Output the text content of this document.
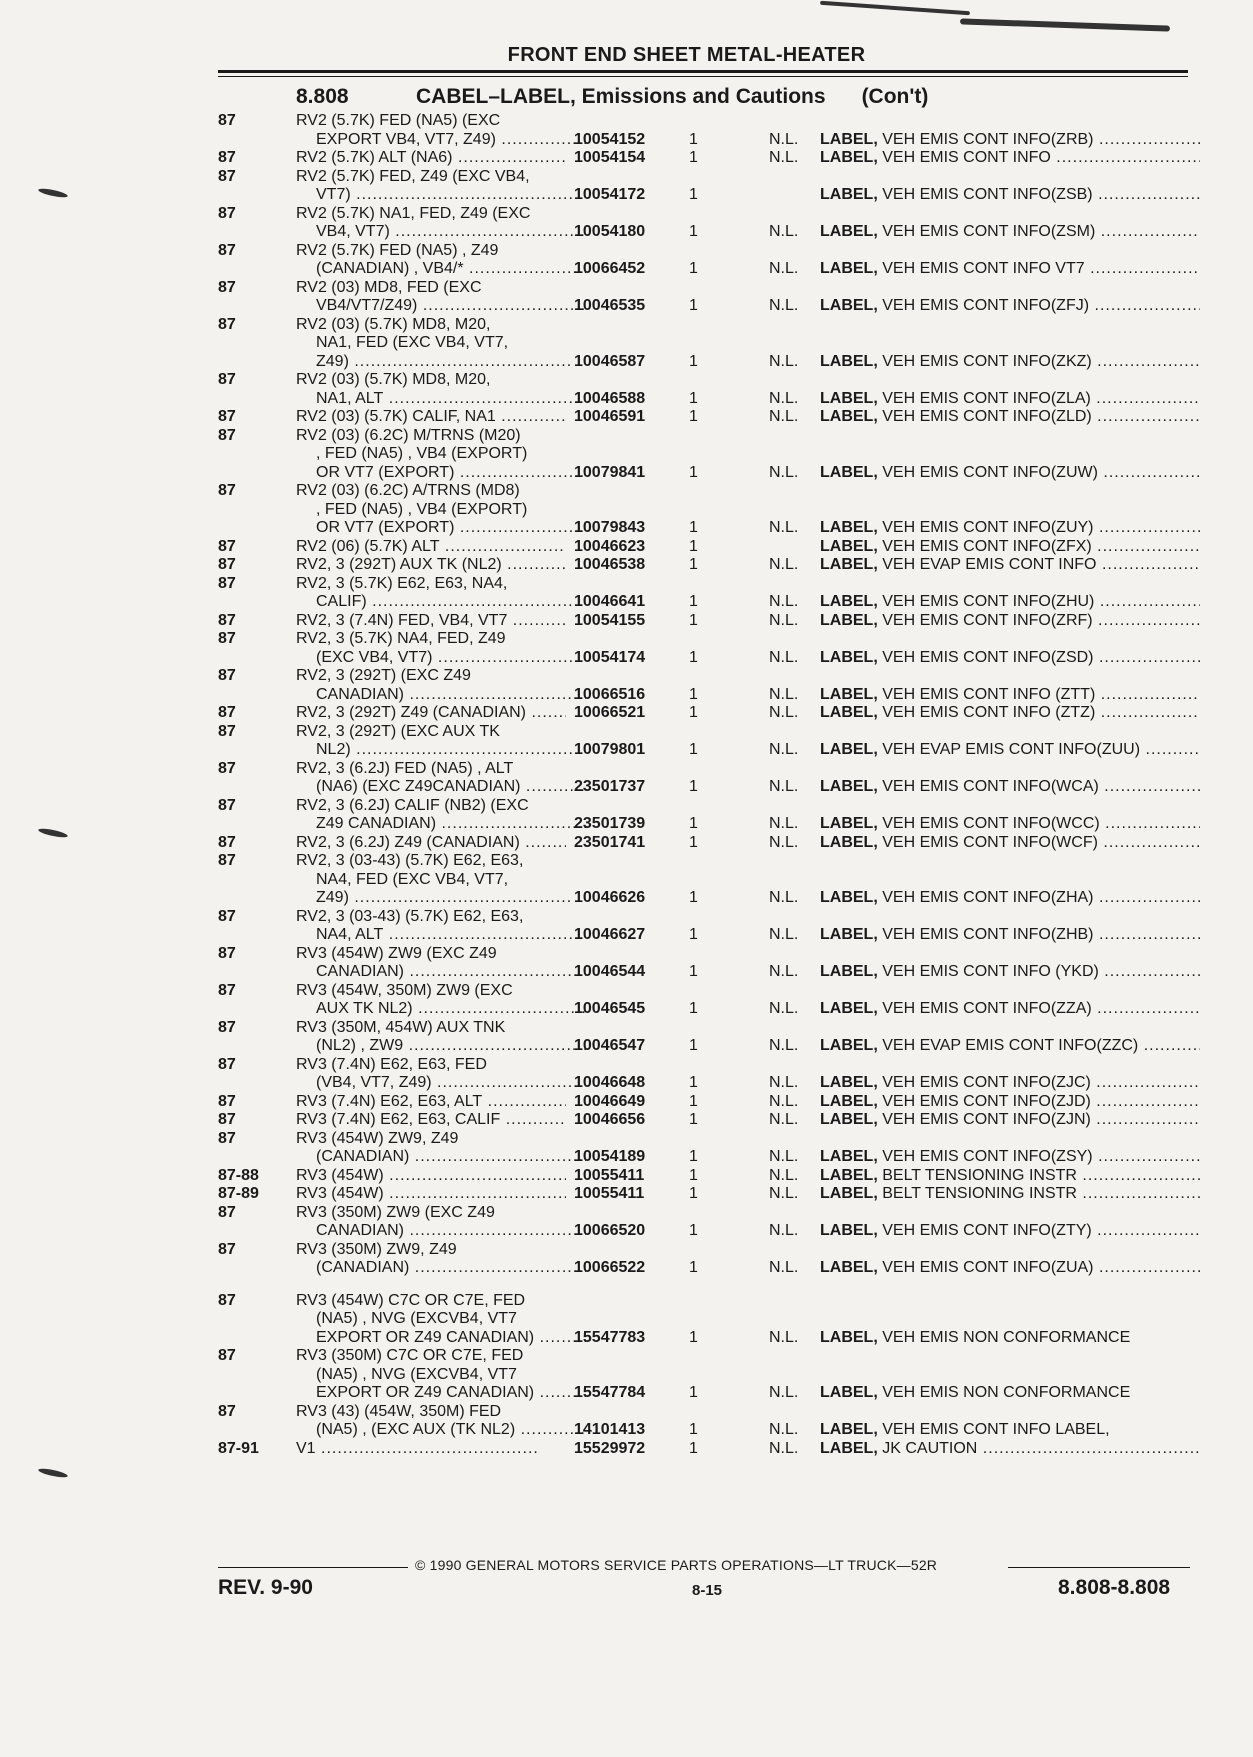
FRONT END SHEET METAL-HEATER
8.808	CABEL–LABEL, Emissions and Cautions (Con't)
87	RV2 (5.7K) FED (NA5) (EXC
EXPORT VB4, VT7, Z49) .....	10054152	1	N.L. LABEL, VEH EMIS CONT INFO(ZRB) .....
87	RV2 (5.7K) ALT (NA6) .....	10054154	1	N.L. LABEL, VEH EMIS CONT INFO .....
87	RV2 (5.7K) FED, Z49 (EXC VB4,
VT7) .....	10054172	1	LABEL, VEH EMIS CONT INFO(ZSB) .....
87	RV2 (5.7K) NA1, FED, Z49 (EXC
VB4, VT7) .....	10054180	1	N.L. LABEL, VEH EMIS CONT INFO(ZSM) .....
87	RV2 (5.7K) FED (NA5) , Z49
(CANADIAN) , VB4/* .....	10066452	1	N.L. LABEL, VEH EMIS CONT INFO VT7 .....
87	RV2 (03) MD8, FED (EXC
VB4/VT7/Z49) .....	10046535	1	N.L. LABEL, VEH EMIS CONT INFO(ZFJ) .....
87	RV2 (03) (5.7K) MD8, M20,
NA1, FED (EXC VB4, VT7,
Z49) .....	10046587	1	N.L. LABEL, VEH EMIS CONT INFO(ZKZ) .....
87	RV2 (03) (5.7K) MD8, M20,
NA1, ALT .....	10046588	1	N.L. LABEL, VEH EMIS CONT INFO(ZLA) .....
87	RV2 (03) (5.7K) CALIF, NA1 .....	10046591	1	N.L. LABEL, VEH EMIS CONT INFO(ZLD) .....
87	RV2 (03) (6.2C) M/TRNS (M20)
, FED (NA5) , VB4 (EXPORT)
OR VT7 (EXPORT) .....	10079841	1	N.L. LABEL, VEH EMIS CONT INFO(ZUW) .....
87	RV2 (03) (6.2C) A/TRNS (MD8)
, FED (NA5) , VB4 (EXPORT)
OR VT7 (EXPORT) .....	10079843	1	N.L. LABEL, VEH EMIS CONT INFO(ZUY) .....
87	RV2 (06) (5.7K) ALT .....	10046623	1	LABEL, VEH EMIS CONT INFO(ZFX) .....
87	RV2, 3 (292T) AUX TK (NL2) .....	10046538	1	N.L. LABEL, VEH EVAP EMIS CONT INFO .....
87	RV2, 3 (5.7K) E62, E63, NA4,
CALIF) .....	10046641	1	N.L. LABEL, VEH EMIS CONT INFO(ZHU) .....
87	RV2, 3 (7.4N) FED, VB4, VT7 .....	10054155	1	N.L. LABEL, VEH EMIS CONT INFO(ZRF) .....
87	RV2, 3 (5.7K) NA4, FED, Z49
(EXC VB4, VT7) .....	10054174	1	N.L. LABEL, VEH EMIS CONT INFO(ZSD) .....
87	RV2, 3 (292T) (EXC Z49
CANADIAN) .....	10066516	1	N.L. LABEL, VEH EMIS CONT INFO (ZTT) .....
87	RV2, 3 (292T) Z49 (CANADIAN) .....	10066521	1	N.L. LABEL, VEH EMIS CONT INFO (ZTZ) .....
87	RV2, 3 (292T) (EXC AUX TK
NL2) .....	10079801	1	N.L. LABEL, VEH EVAP EMIS CONT INFO(ZUU) .....
87	RV2, 3 (6.2J) FED (NA5) , ALT
(NA6) (EXC Z49CANADIAN) .....	23501737	1	N.L. LABEL, VEH EMIS CONT INFO(WCA) .....
87	RV2, 3 (6.2J) CALIF (NB2) (EXC
Z49 CANADIAN) .....	23501739	1	N.L. LABEL, VEH EMIS CONT INFO(WCC) .....
87	RV2, 3 (6.2J) Z49 (CANADIAN) .....	23501741	1	N.L. LABEL, VEH EMIS CONT INFO(WCF) .....
87	RV2, 3 (03-43) (5.7K) E62, E63,
NA4, FED (EXC VB4, VT7,
Z49) .....	10046626	1	N.L. LABEL, VEH EMIS CONT INFO(ZHA) .....
87	RV2, 3 (03-43) (5.7K) E62, E63,
NA4, ALT .....	10046627	1	N.L. LABEL, VEH EMIS CONT INFO(ZHB) .....
87	RV3 (454W) ZW9 (EXC Z49
CANADIAN) .....	10046544	1	N.L. LABEL, VEH EMIS CONT INFO (YKD) .....
87	RV3 (454W, 350M) ZW9 (EXC
AUX TK NL2) .....	10046545	1	N.L. LABEL, VEH EMIS CONT INFO(ZZA) .....
87	RV3 (350M, 454W) AUX TNK
(NL2) , ZW9 .....	10046547	1	N.L. LABEL, VEH EVAP EMIS CONT INFO(ZZC) .....
87	RV3 (7.4N) E62, E63, FED
(VB4, VT7, Z49) .....	10046648	1	N.L. LABEL, VEH EMIS CONT INFO(ZJC) .....
87	RV3 (7.4N) E62, E63, ALT .....	10046649	1	N.L. LABEL, VEH EMIS CONT INFO(ZJD) .....
87	RV3 (7.4N) E62, E63, CALIF .....	10046656	1	N.L. LABEL, VEH EMIS CONT INFO(ZJN) .....
87	RV3 (454W) ZW9, Z49
(CANADIAN) .....	10054189	1	N.L. LABEL, VEH EMIS CONT INFO(ZSY) .....
87-88	RV3 (454W) .....	10055411	1	N.L. LABEL, BELT TENSIONING INSTR .....
87-89	RV3 (454W) .....	10055411	1	N.L. LABEL, BELT TENSIONING INSTR .....
87	RV3 (350M) ZW9 (EXC Z49
CANADIAN) .....	10066520	1	N.L. LABEL, VEH EMIS CONT INFO(ZTY) .....
87	RV3 (350M) ZW9, Z49
(CANADIAN) .....	10066522	1	N.L. LABEL, VEH EMIS CONT INFO(ZUA) .....
87	RV3 (454W) C7C OR C7E, FED
(NA5) , NVG (EXCVB4, VT7
EXPORT OR Z49 CANADIAN) ..... 15547783	1	N.L. LABEL, VEH EMIS NON CONFORMANCE
87	RV3 (350M) C7C OR C7E, FED
(NA5) , NVG (EXCVB4, VT7
EXPORT OR Z49 CANADIAN) ..... 15547784	1	N.L. LABEL, VEH EMIS NON CONFORMANCE
87	RV3 (43) (454W, 350M) FED
(NA5) , (EXC AUX (TK NL2) .....	14101413	1	N.L. LABEL, VEH EMIS CONT INFO LABEL,
87-91	V1 .....	15529972	1	N.L. LABEL, JK CAUTION .....
© 1990 GENERAL MOTORS SERVICE PARTS OPERATIONS—LT TRUCK—52R
REV. 9-90	8-15	8.808-8.808
